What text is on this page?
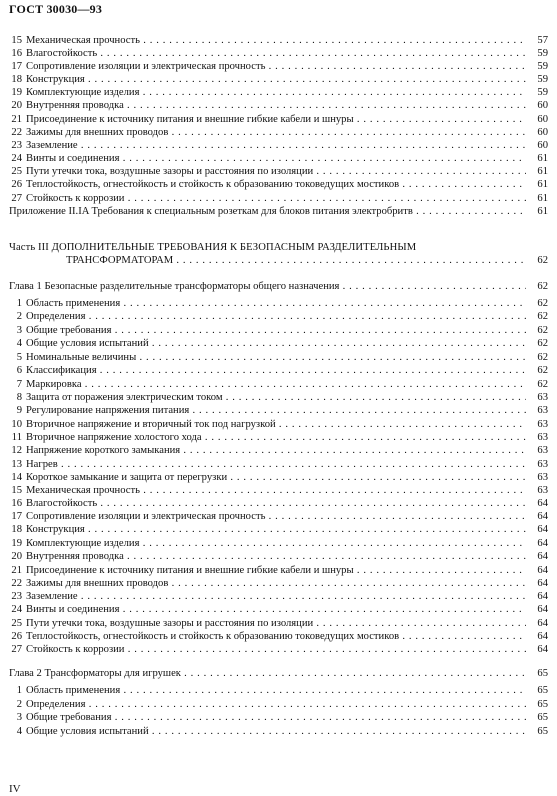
ГОСТ 30030—93
15 Механическая прочность . . .	57
16 Влагостойкость . . .	59
17 Сопротивление изоляции и электрическая прочность . . .	59
18 Конструкция . . .	59
19 Комплектующие изделия . . .	59
20 Внутренняя проводка . . .	60
21 Присоединение к источнику питания и внешние гибкие кабели и шнуры . . .	60
22 Зажимы для внешних проводов . . .	60
23 Заземление . . .	60
24 Винты и соединения . . .	61
25 Пути утечки тока, воздушные зазоры и расстояния по изоляции . . .	61
26 Теплостойкость, огнестойкость и стойкость к образованию токоведущих мостиков . . .	61
27 Стойкость к коррозии . . .	61
Приложение II.IA Требования к специальным розеткам для блоков питания электробритв . . .	61
Часть III ДОПОЛНИТЕЛЬНЫЕ ТРЕБОВАНИЯ К БЕЗОПАСНЫМ РАЗДЕЛИТЕЛЬНЫМ
ТРАНСФОРМАТОРАМ . . .	62
Глава 1 Безопасные разделительные трансформаторы общего назначения . . .	62
1 Область применения . . .	62
2 Определения . . .	62
3 Общие требования . . .	62
4 Общие условия испытаний . . .	62
5 Номинальные величины . . .	62
6 Классификация . . .	62
7 Маркировка . . .	62
8 Защита от поражения электрическим током . . .	63
9 Регулирование напряжения питания . . .	63
10 Вторичное напряжение и вторичный ток под нагрузкой . . .	63
11 Вторичное напряжение холостого хода . . .	63
12 Напряжение короткого замыкания . . .	63
13 Нагрев . . .	63
14 Короткое замыкание и защита от перегрузки . . .	63
15 Механическая прочность . . .	63
16 Влагостойкость . . .	64
17 Сопротивление изоляции и электрическая прочность . . .	64
18 Конструкция . . .	64
19 Комплектующие изделия . . .	64
20 Внутренняя проводка . . .	64
21 Присоединение к источнику питания и внешние гибкие кабели и шнуры . . .	64
22 Зажимы для внешних проводов . . .	64
23 Заземление . . .	64
24 Винты и соединения . . .	64
25 Пути утечки тока, воздушные зазоры и расстояния по изоляции . . .	64
26 Теплостойкость, огнестойкость и стойкость к образованию токоведущих мостиков . . .	64
27 Стойкость к коррозии . . .	64
Глава 2 Трансформаторы для игрушек . . .	65
1 Область применения . . .	65
2 Определения . . .	65
3 Общие требования . . .	65
4 Общие условия испытаний . . .	65
IV
